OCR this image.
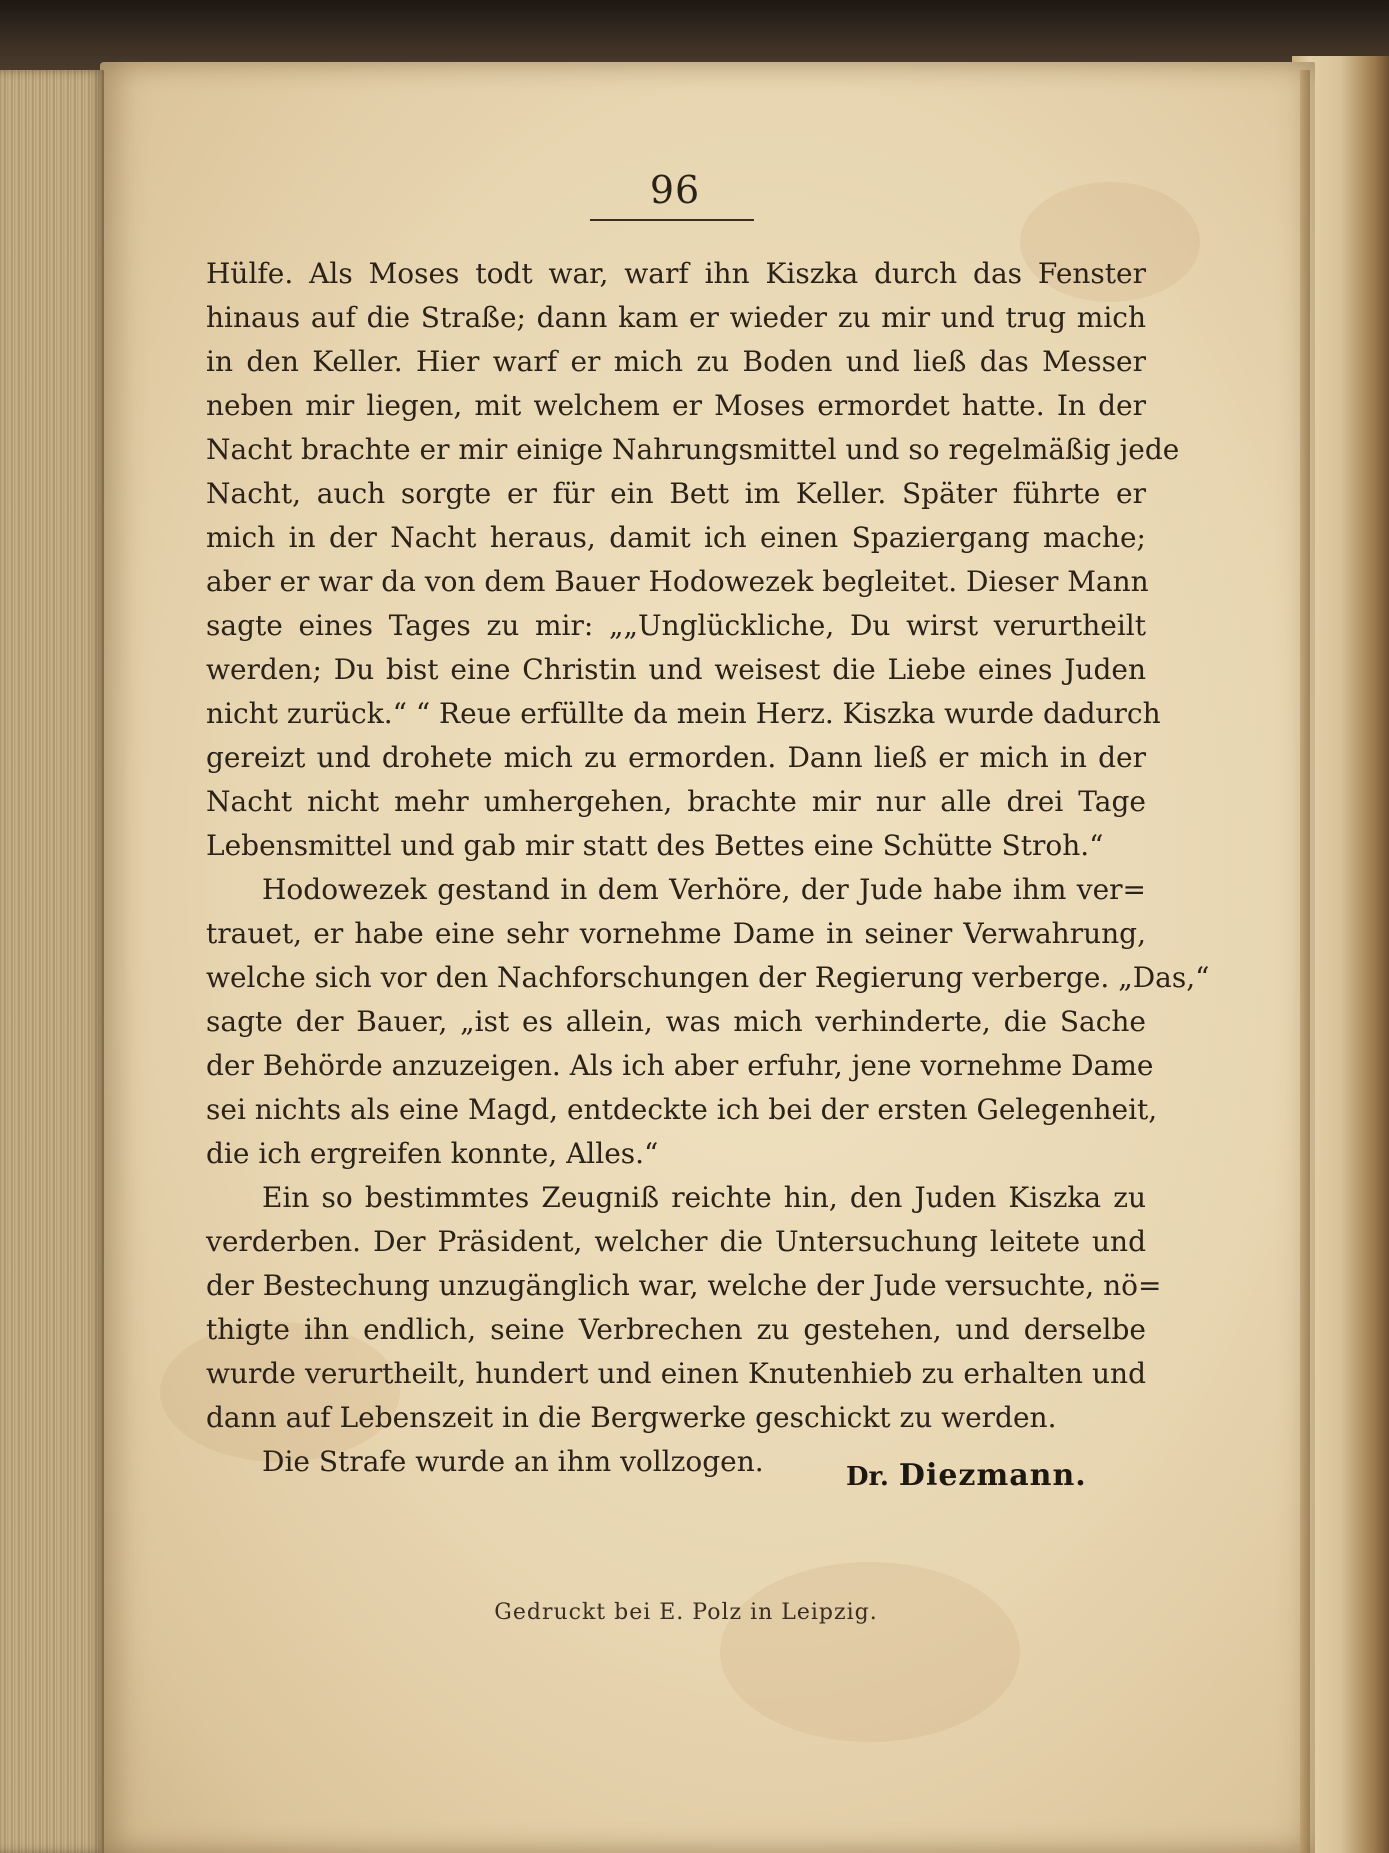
96
Hülfe. Als Moses todt war, warf ihn Kiszka durch das Fenster
hinaus auf die Straße; dann kam er wieder zu mir und trug mich
in den Keller. Hier warf er mich zu Boden und ließ das Messer
neben mir liegen, mit welchem er Moses ermordet hatte. In der
Nacht brachte er mir einige Nahrungsmittel und so regelmäßig jede
Nacht, auch sorgte er für ein Bett im Keller. Später führte er
mich in der Nacht heraus, damit ich einen Spaziergang mache;
aber er war da von dem Bauer Hodowezek begleitet. Dieser Mann
sagte eines Tages zu mir: „„Unglückliche, Du wirst verurtheilt
werden; Du bist eine Christin und weisest die Liebe eines Juden
nicht zurück.“ “ Reue erfüllte da mein Herz. Kiszka wurde dadurch
gereizt und drohete mich zu ermorden. Dann ließ er mich in der
Nacht nicht mehr umhergehen, brachte mir nur alle drei Tage
Lebensmittel und gab mir statt des Bettes eine Schütte Stroh.“
Hodowezek gestand in dem Verhöre, der Jude habe ihm ver=
trauet, er habe eine sehr vornehme Dame in seiner Verwahrung,
welche sich vor den Nachforschungen der Regierung verberge. „Das,“
sagte der Bauer, „ist es allein, was mich verhinderte, die Sache
der Behörde anzuzeigen. Als ich aber erfuhr, jene vornehme Dame
sei nichts als eine Magd, entdeckte ich bei der ersten Gelegenheit,
die ich ergreifen konnte, Alles.“
Ein so bestimmtes Zeugniß reichte hin, den Juden Kiszka zu
verderben. Der Präsident, welcher die Untersuchung leitete und
der Bestechung unzugänglich war, welche der Jude versuchte, nö=
thigte ihn endlich, seine Verbrechen zu gestehen, und derselbe
wurde verurtheilt, hundert und einen Knutenhieb zu erhalten und
dann auf Lebenszeit in die Bergwerke geschickt zu werden.
Die Strafe wurde an ihm vollzogen.	Dr. Diezmann.
Gedruckt bei E. Polz in Leipzig.
